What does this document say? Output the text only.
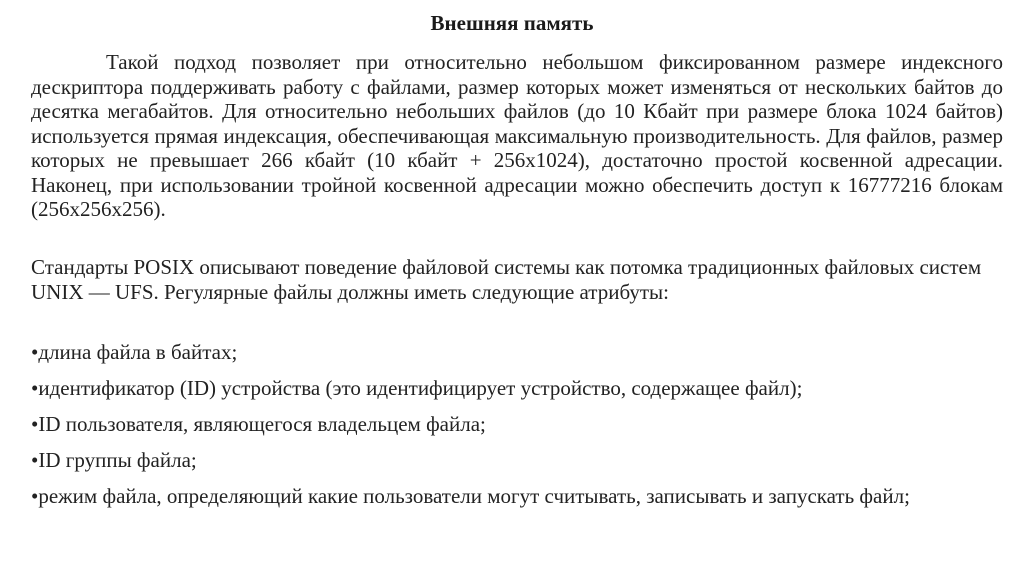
Внешняя память

Такой подход позволяет при относительно небольшом фиксированном размере индексного дескриптора поддерживать работу с файлами, размер которых может изменяться от нескольких байтов до десятка мегабайтов. Для относительно небольших файлов (до 10 Кбайт при размере блока 1024 байтов) используется прямая индексация, обеспечивающая максимальную производительность. Для файлов, размер которых не превышает 266 кбайт (10 кбайт + 256х1024), достаточно простой косвенной адресации. Наконец, при использовании тройной косвенной адресации можно обеспечить доступ к 16777216 блокам (256х256х256).

Стандарты POSIX описывают поведение файловой системы как потомка традиционных файловых систем UNIX — UFS. Регулярные файлы должны иметь следующие атрибуты:

•длина файла в байтах;
•идентификатор (ID) устройства (это идентифицирует устройство, содержащее файл);
•ID пользователя, являющегося владельцем файла;
•ID группы файла;
•режим файла, определяющий какие пользователи могут считывать, записывать и запускать файл;
